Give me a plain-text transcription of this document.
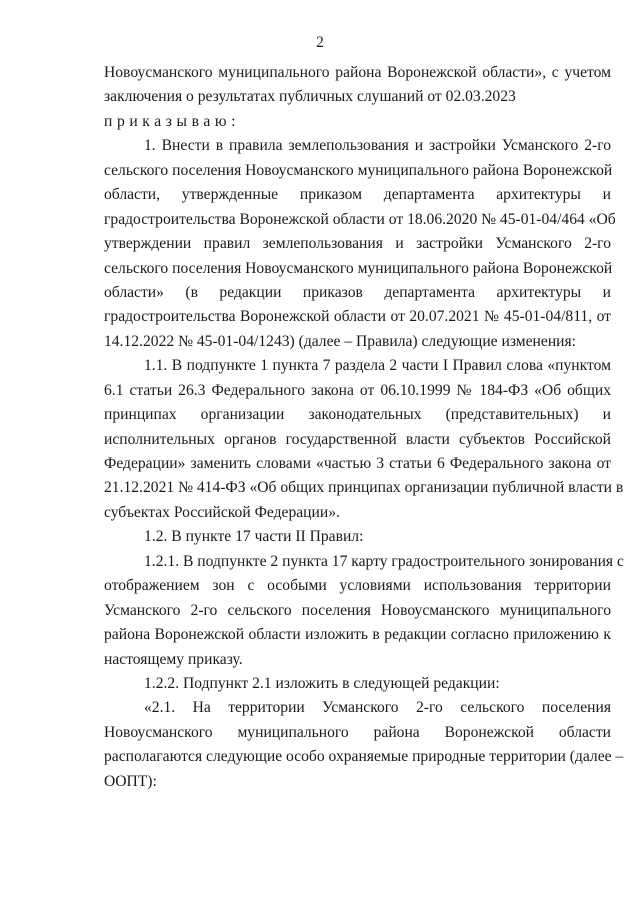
2
Новоусманского муниципального района Воронежской области», с учетом
заключения о результатах публичных слушаний от 02.03.2023
приказываю:
1. Внести в правила землепользования и застройки Усманского 2-го
сельского поселения Новоусманского муниципального района Воронежской
области, утвержденные приказом департамента архитектуры и
градостроительства Воронежской области от 18.06.2020 № 45-01-04/464 «Об
утверждении правил землепользования и застройки Усманского 2-го
сельского поселения Новоусманского муниципального района Воронежской
области» (в редакции приказов департамента архитектуры и
градостроительства Воронежской области от 20.07.2021 № 45-01-04/811, от
14.12.2022 № 45-01-04/1243) (далее – Правила) следующие изменения:
1.1. В подпункте 1 пункта 7 раздела 2 части I Правил слова «пунктом
6.1 статьи 26.3 Федерального закона от 06.10.1999 № 184-ФЗ «Об общих
принципах организации законодательных (представительных) и
исполнительных органов государственной власти субъектов Российской
Федерации» заменить словами «частью 3 статьи 6 Федерального закона от
21.12.2021 № 414-ФЗ «Об общих принципах организации публичной власти в
субъектах Российской Федерации».
1.2. В пункте 17 части II Правил:
1.2.1. В подпункте 2 пункта 17 карту градостроительного зонирования с
отображением зон с особыми условиями использования территории
Усманского 2-го сельского поселения Новоусманского муниципального
района Воронежской области изложить в редакции согласно приложению к
настоящему приказу.
1.2.2. Подпункт 2.1 изложить в следующей редакции:
«2.1. На территории Усманского 2-го сельского поселения
Новоусманского муниципального района Воронежской области
располагаются следующие особо охраняемые природные территории (далее –
ООПТ):
